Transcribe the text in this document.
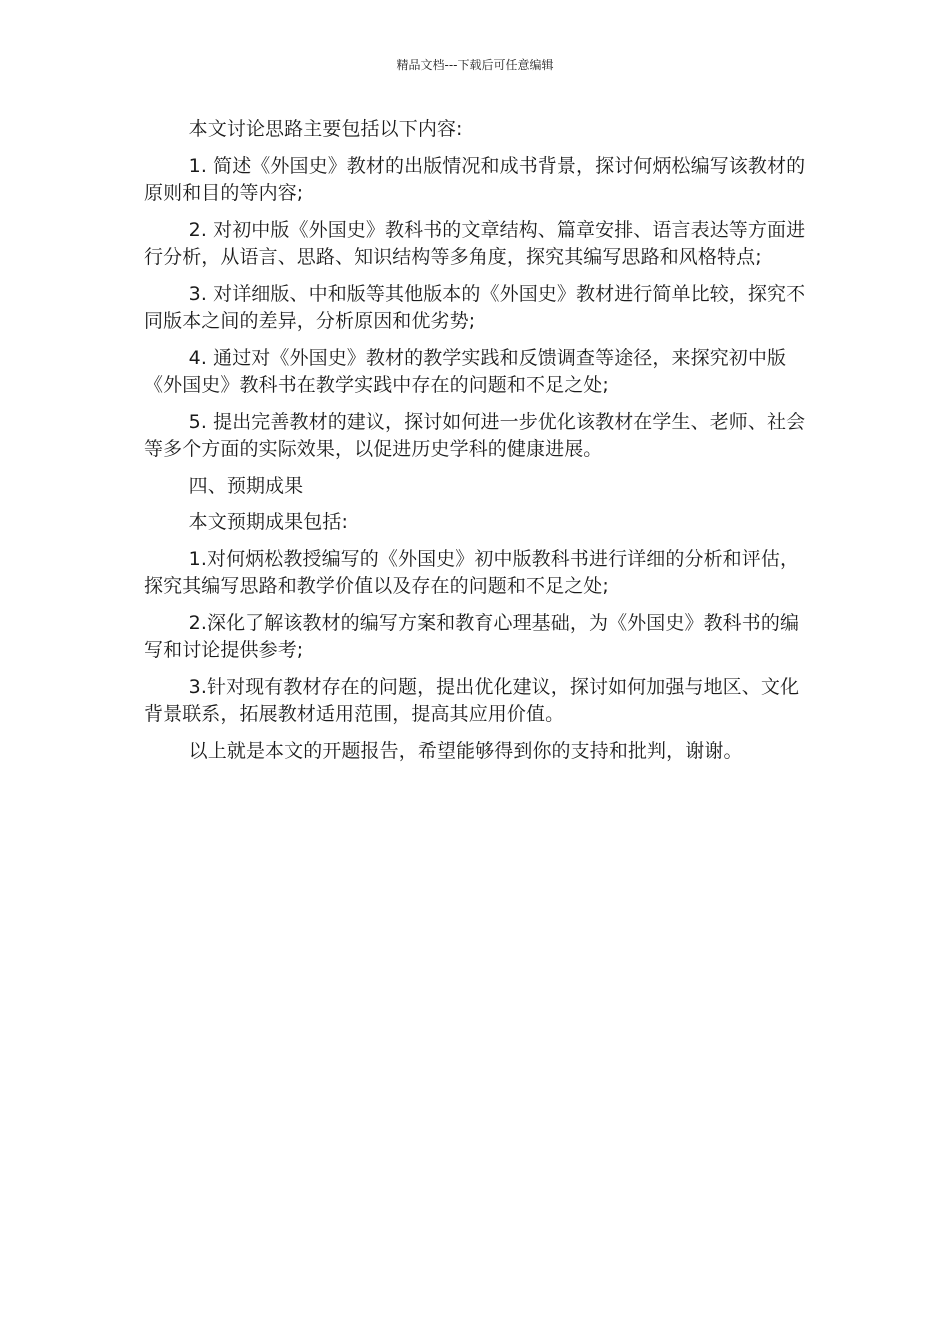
精品文档---下载后可任意编辑

本文讨论思路主要包括以下内容:

1. 简述《外国史》教材的出版情况和成书背景，探讨何炳松编写该教材的原则和目的等内容;

2. 对初中版《外国史》教科书的文章结构、篇章安排、语言表达等方面进行分析，从语言、思路、知识结构等多角度，探究其编写思路和风格特点;

3. 对详细版、中和版等其他版本的《外国史》教材进行简单比较，探究不同版本之间的差异，分析原因和优劣势;

4. 通过对《外国史》教材的教学实践和反馈调查等途径，来探究初中版《外国史》教科书在教学实践中存在的问题和不足之处;

5. 提出完善教材的建议，探讨如何进一步优化该教材在学生、老师、社会等多个方面的实际效果，以促进历史学科的健康进展。

四、预期成果

本文预期成果包括:

1.对何炳松教授编写的《外国史》初中版教科书进行详细的分析和评估，探究其编写思路和教学价值以及存在的问题和不足之处;

2.深化了解该教材的编写方案和教育心理基础，为《外国史》教科书的编写和讨论提供参考;

3.针对现有教材存在的问题，提出优化建议，探讨如何加强与地区、文化背景联系，拓展教材适用范围，提高其应用价值。

以上就是本文的开题报告，希望能够得到你的支持和批判，谢谢。
